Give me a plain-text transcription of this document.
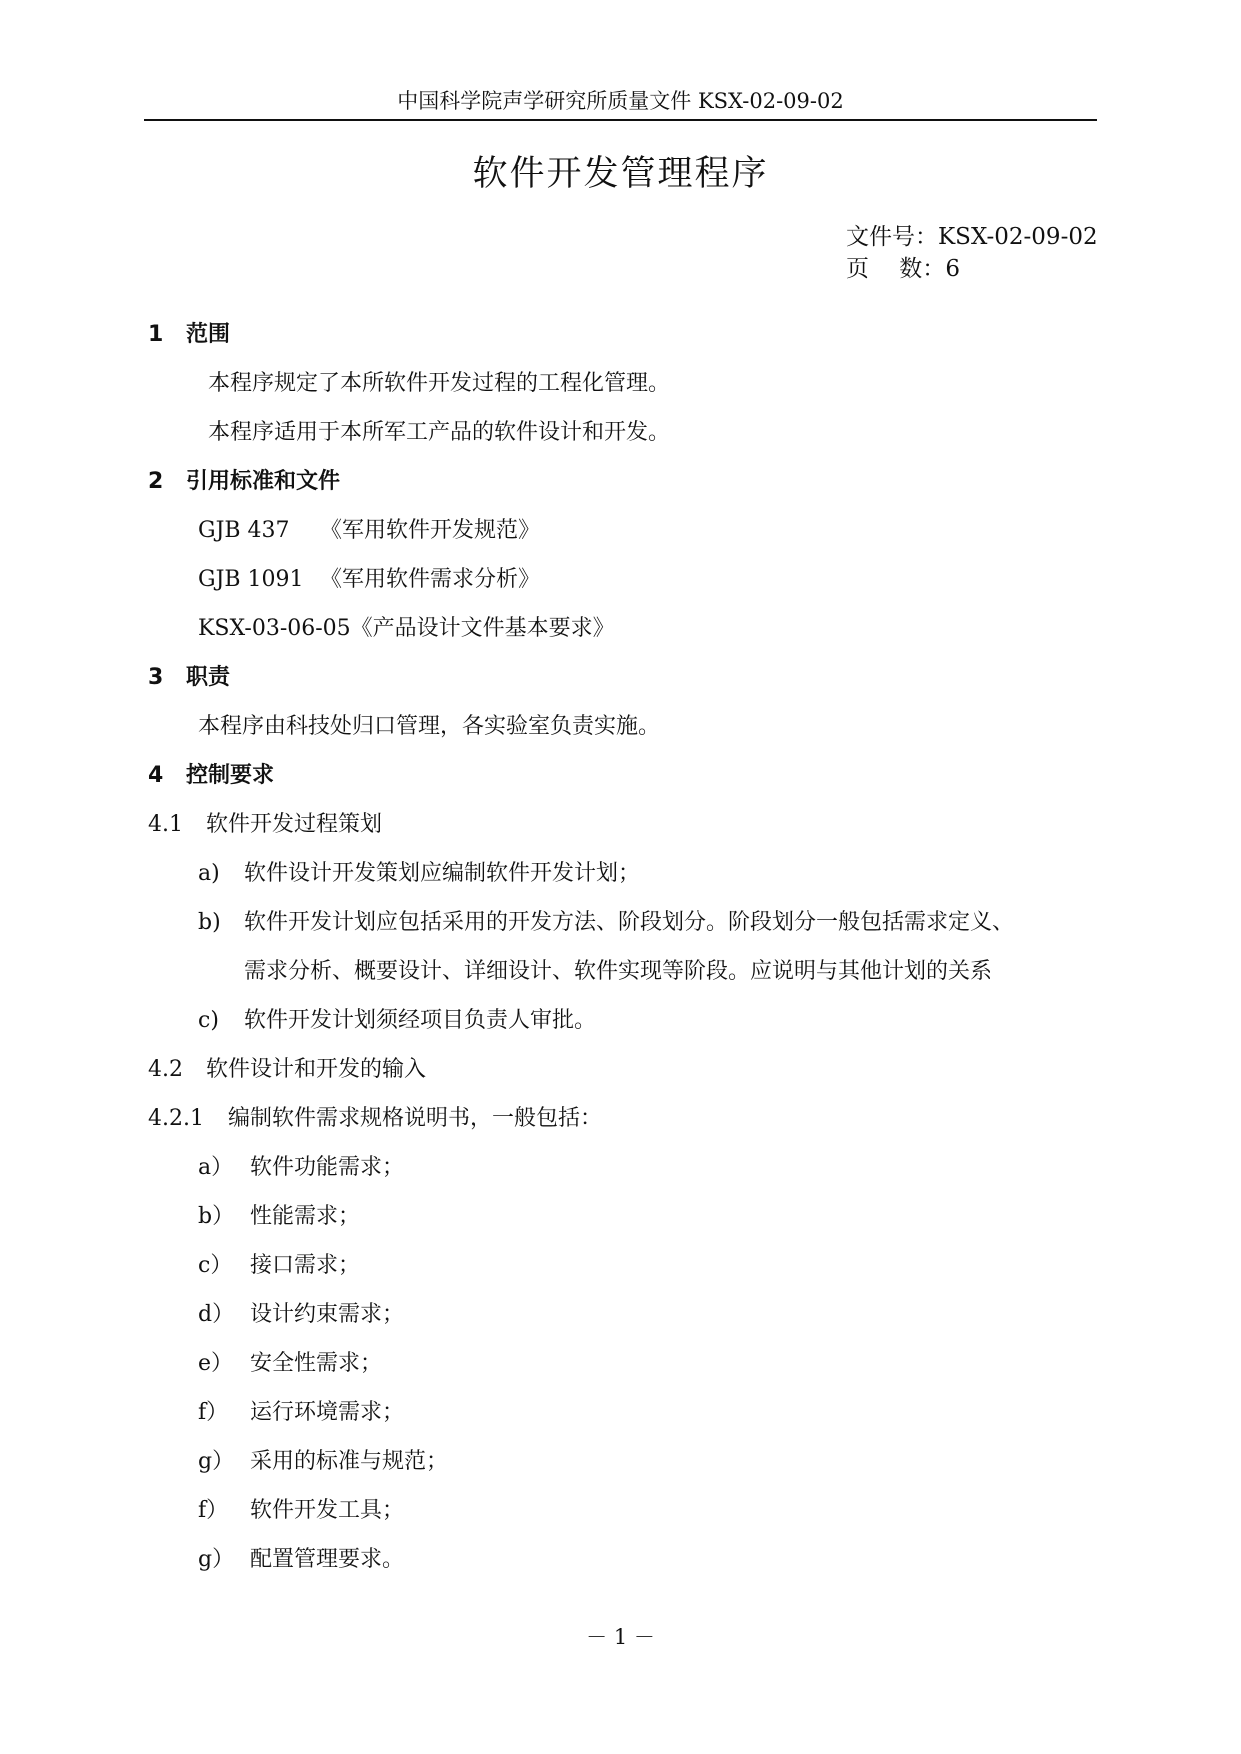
中国科学院声学研究所质量文件 KSX-02-09-02
软件开发管理程序
文件号：KSX-02-09-02
页　 数：6
1 范围
本程序规定了本所软件开发过程的工程化管理。
本程序适用于本所军工产品的软件设计和开发。
2 引用标准和文件
GJB 437 《军用软件开发规范》
GJB 1091 《军用软件需求分析》
KSX-03-06-05《产品设计文件基本要求》
3 职责
本程序由科技处归口管理，各实验室负责实施。
4 控制要求
4.1 软件开发过程策划
a) 软件设计开发策划应编制软件开发计划；
b) 软件开发计划应包括采用的开发方法、阶段划分。阶段划分一般包括需求定义、
需求分析、概要设计、详细设计、软件实现等阶段。应说明与其他计划的关系
c) 软件开发计划须经项目负责人审批。
4.2 软件设计和开发的输入
4.2.1 编制软件需求规格说明书，一般包括：
a） 软件功能需求；
b） 性能需求；
c） 接口需求；
d） 设计约束需求；
e） 安全性需求；
f） 运行环境需求；
g） 采用的标准与规范；
f） 软件开发工具；
g） 配置管理要求。
－ 1 －
